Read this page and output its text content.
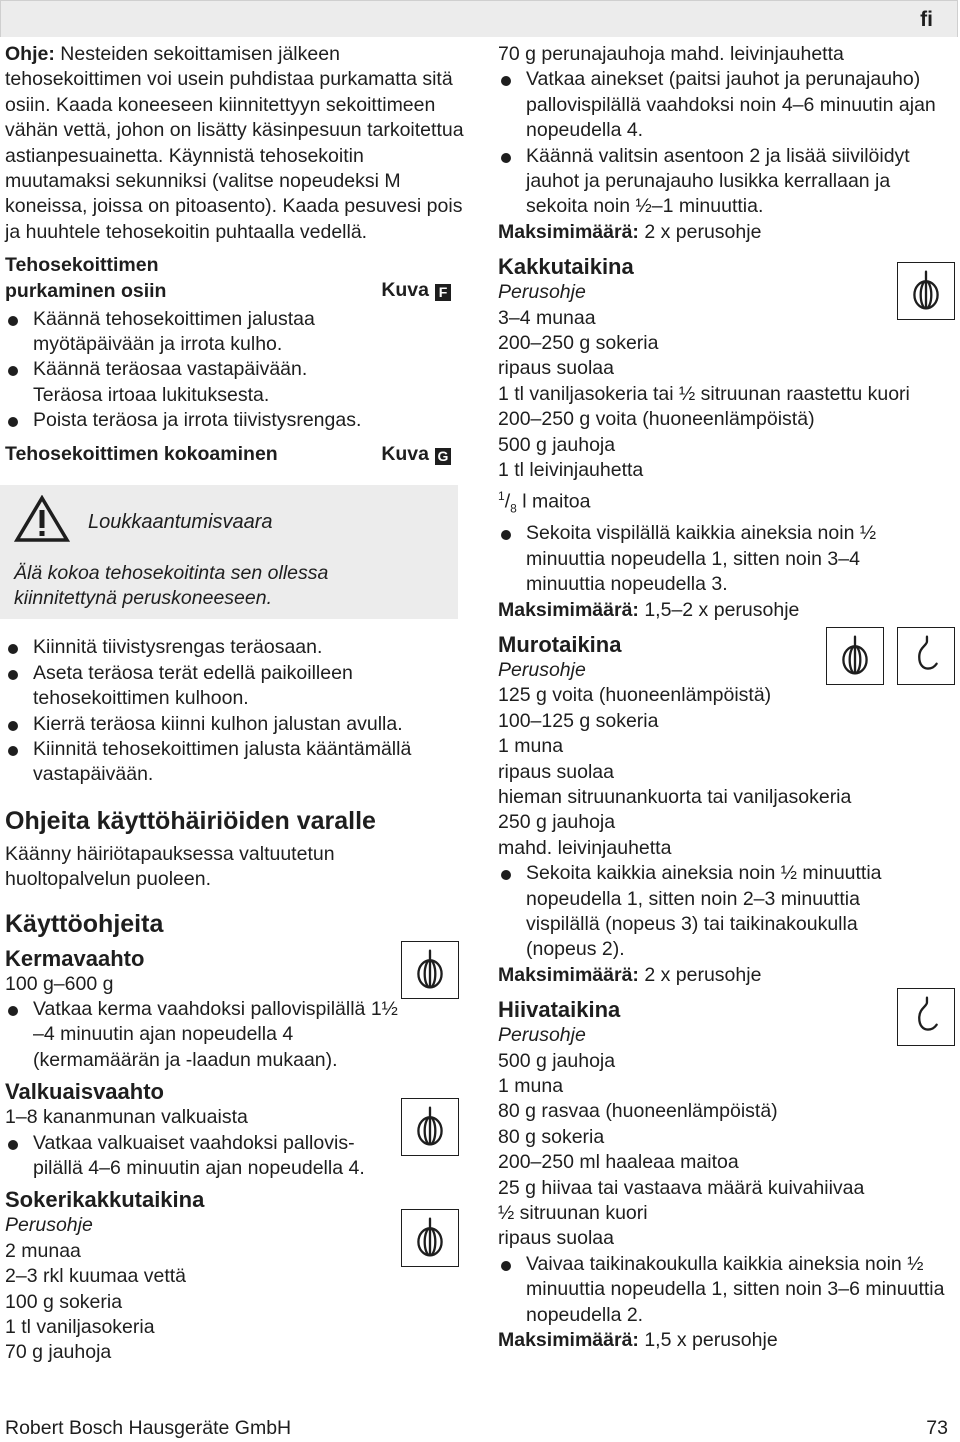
fi

Ohje: Nesteiden sekoittamisen jälkeen tehosekoittimen voi usein puhdistaa purkamatta sitä osiin. Kaada koneeseen kiinnitettyyn sekoittimeen vähän vettä, johon on lisätty käsinpesuun tarkoitettua astianpesuainetta. Käynnistä tehosekoitin muutamaksi sekunniksi (valitse nopeudeksi M koneissa, joissa on pitoasento). Kaada pesuvesi pois ja huuhtele tehosekoitin puhtaalla vedellä.

Tehosekoittimen
purkaminen osiin	Kuva F
Käännä tehosekoittimen jalustaa myötäpäivään ja irrota kulho.
Käännä teräosaa vastapäivään. Teräosa irtoaa lukituksesta.
Poista teräosa ja irrota tiivistysrengas.
Tehosekoittimen kokoaminen	Kuva G
Loukkaantumisvaara
Älä kokoa tehosekoitinta sen ollessa kiinnitettynä peruskoneeseen.
Kiinnitä tiivistysrengas teräosaan.
Aseta teräosa terät edellä paikoilleen tehosekoittimen kulhoon.
Kierrä teräosa kiinni kulhon jalustan avulla.
Kiinnitä tehosekoittimen jalusta kääntämällä vastapäivään.
Ohjeita käyttöhäiriöiden varalle

Käänny häiriötapauksessa valtuutetun huoltopalvelun puoleen.

Käyttöohjeita
Kermavaahto

100 g–600 g

Vatkaa kerma vaahdoksi pallovispilällä 1½ –4 minuutin ajan nopeudella 4 (kermamäärän ja -laadun mukaan).
Valkuaisvaahto

1–8 kananmunan valkuaista

Vatkaa valkuaiset vaahdoksi pallovis- pilällä 4–6 minuutin ajan nopeudella 4.
Sokerikakkutaikina

Perusohje

2 munaa

2–3 rkl kuumaa vettä

100 g sokeria

1 tl vaniljasokeria

70 g jauhoja

70 g perunajauhoja mahd. leivinjauhetta

Vatkaa ainekset (paitsi jauhot ja perunajauho) pallovispilällä vaahdoksi noin 4–6 minuutin ajan nopeudella 4.
Käännä valitsin asentoon 2 ja lisää siivilöidyt jauhot ja perunajauho lusikka kerrallaan ja sekoita noin ½–1 minuuttia.

Maksimimäärä: 2 x perusohje

Kakkutaikina

Perusohje

3–4 munaa

200–250 g sokeria

ripaus suolaa

1 tl vaniljasokeria tai ½ sitruunan raastettu kuori

200–250 g voita (huoneenlämpöistä)

500 g jauhoja

1 tl leivinjauhetta

$^1/_8$ l maitoa

Sekoita vispilällä kaikkia aineksia noin ½ minuuttia nopeudella 1, sitten noin 3–4 minuuttia nopeudella 3.

Maksimimäärä: 1,5–2 x perusohje

Murotaikina

Perusohje

125 g voita (huoneenlämpöistä)

100–125 g sokeria

1 muna

ripaus suolaa

hieman sitruunankuorta tai vaniljasokeria

250 g jauhoja

mahd. leivinjauhetta

Sekoita kaikkia aineksia noin ½ minuuttia nopeudella 1, sitten noin 2–3 minuuttia vispilällä (nopeus 3) tai taikinakoukulla (nopeus 2).

Maksimimäärä: 2 x perusohje

Hiivataikina

Perusohje

500 g jauhoja

1 muna

80 g rasvaa (huoneenlämpöistä)

80 g sokeria

200–250 ml haaleaa maitoa

25 g hiivaa tai vastaava määrä kuivahiivaa

½ sitruunan kuori

ripaus suolaa

Vaivaa taikinakoukulla kaikkia aineksia noin ½ minuuttia nopeudella 1, sitten noin 3–6 minuuttia nopeudella 2.

Maksimimäärä: 1,5 x perusohje

Robert Bosch Hausgeräte GmbH	73
